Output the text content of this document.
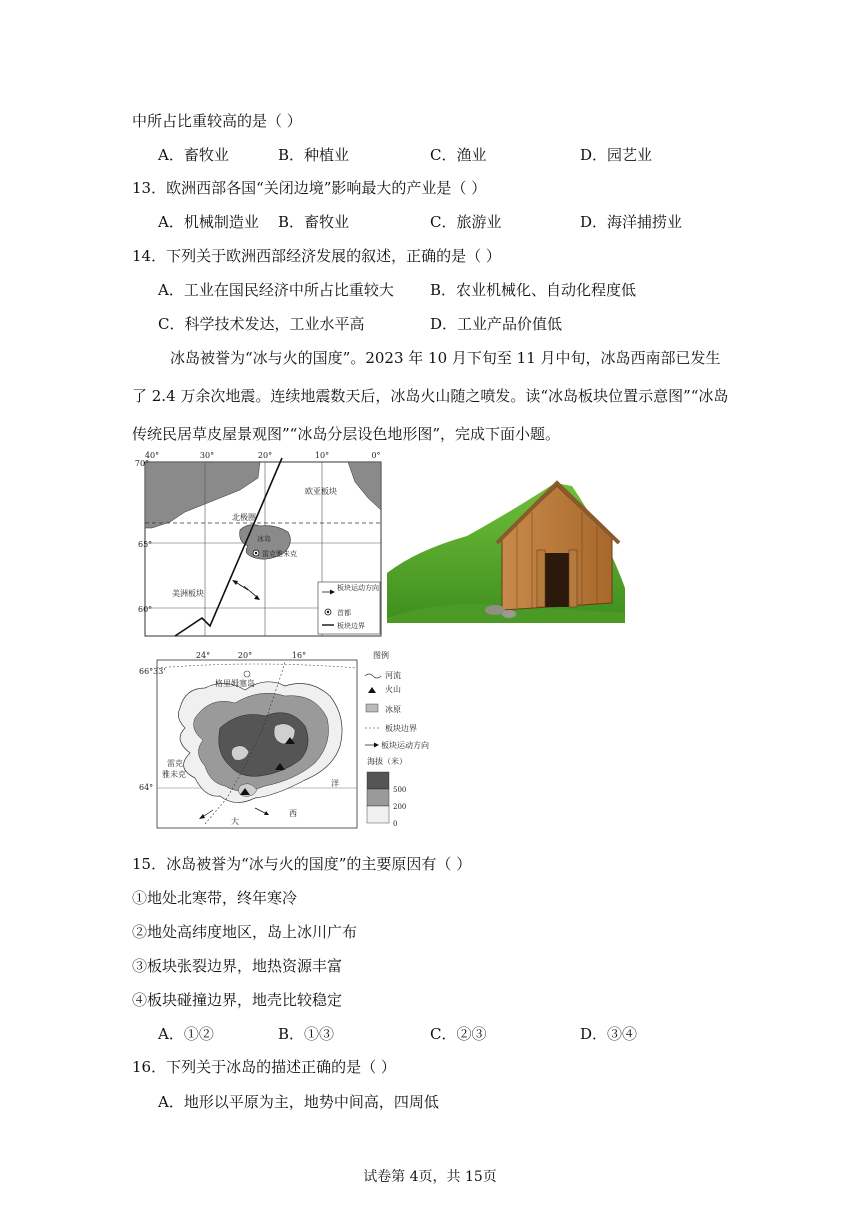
中所占比重较高的是（ ）
A．畜牧业	B．种植业	C．渔业	D．园艺业
13．欧洲西部各国“关闭边境”影响最大的产业是（ ）
A．机械制造业 B．畜牧业	C．旅游业	D．海洋捕捞业
14．下列关于欧洲西部经济发展的叙述，正确的是（ ）
A．工业在国民经济中所占比重较大 B．农业机械化、自动化程度低
C．科学技术发达，工业水平高	D．工业产品价值低
冰岛被誉为“冰与火的国度”。2023 年 10 月下旬至 11 月中旬，冰岛西南部已发生了 2.4 万余次地震。连续地震数天后，冰岛火山随之喷发。读“冰岛板块位置示意图”“冰岛传统民居草皮屋景观图”“冰岛分层设色地形图”，完成下面小题。
70°
65°
60°
40°	30°	20°	10°	0°
欧亚板块
北极圈
冰岛
雷克雅未克
美洲板块
板块运动方向
首都
板块边界
66°33'
64°
24°	20°	16°
格里姆塞岛
雷克
雅未克
大
西
洋
图例
河流
火山
冰原
板块边界
板块运动方向
海拔（米）
500
200
0
15．冰岛被誉为“冰与火的国度”的主要原因有（ ）
①地处北寒带，终年寒冷
②地处高纬度地区，岛上冰川广布
③板块张裂边界，地热资源丰富
④板块碰撞边界，地壳比较稳定
A．①②	B．①③	C．②③	D．③④
16．下列关于冰岛的描述正确的是（ ）
A．地形以平原为主，地势中间高，四周低
试卷第 4页，共 15页
